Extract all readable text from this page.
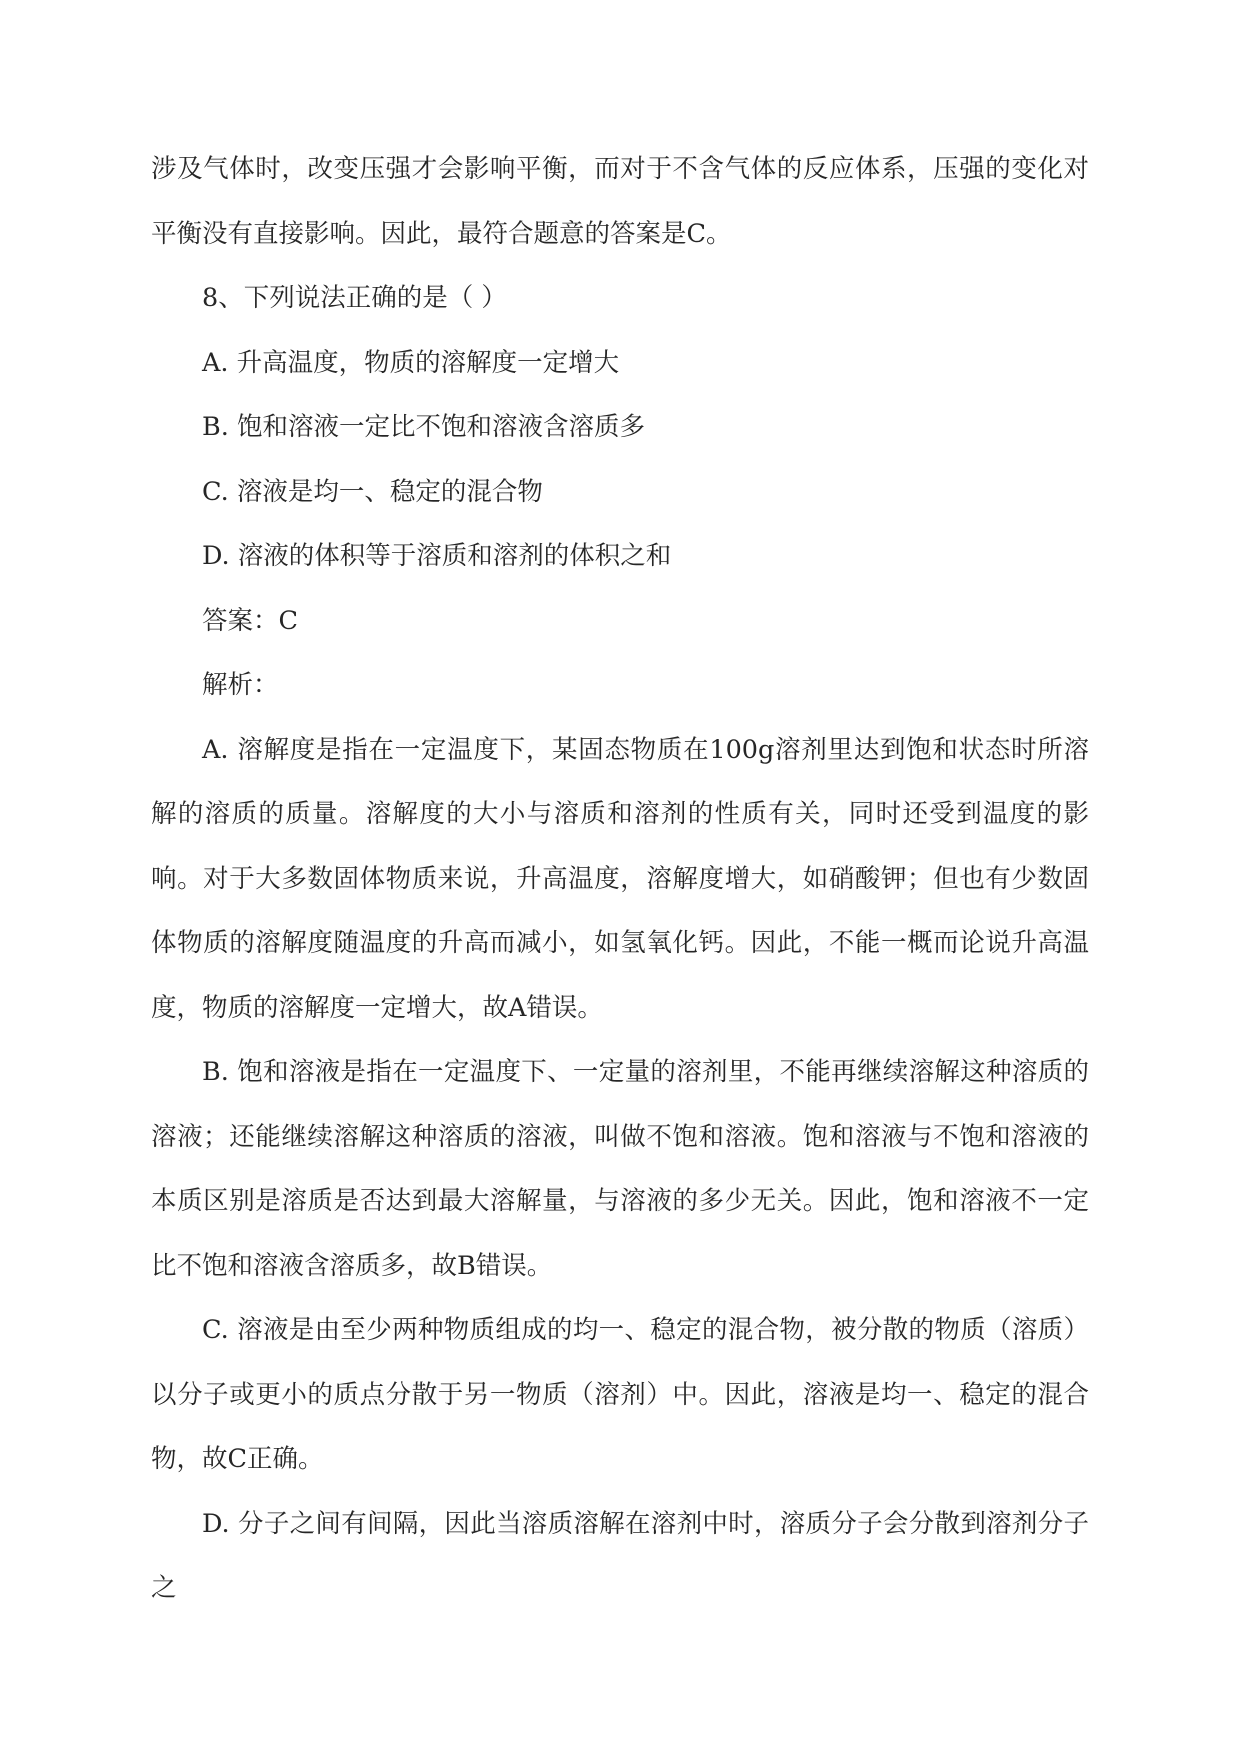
涉及气体时，改变压强才会影响平衡，而对于不含气体的反应体系，压强的变化对平衡没有直接影响。因此，最符合题意的答案是C。

8、下列说法正确的是（ ）

A. 升高温度，物质的溶解度一定增大

B. 饱和溶液一定比不饱和溶液含溶质多

C. 溶液是均一、稳定的混合物

D. 溶液的体积等于溶质和溶剂的体积之和

答案：C

解析：

A. 溶解度是指在一定温度下，某固态物质在100g溶剂里达到饱和状态时所溶解的溶质的质量。溶解度的大小与溶质和溶剂的性质有关，同时还受到温度的影响。对于大多数固体物质来说，升高温度，溶解度增大，如硝酸钾；但也有少数固体物质的溶解度随温度的升高而减小，如氢氧化钙。因此，不能一概而论说升高温度，物质的溶解度一定增大，故A错误。

B. 饱和溶液是指在一定温度下、一定量的溶剂里，不能再继续溶解这种溶质的溶液；还能继续溶解这种溶质的溶液，叫做不饱和溶液。饱和溶液与不饱和溶液的本质区别是溶质是否达到最大溶解量，与溶液的多少无关。因此，饱和溶液不一定比不饱和溶液含溶质多，故B错误。

C. 溶液是由至少两种物质组成的均一、稳定的混合物，被分散的物质（溶质）以分子或更小的质点分散于另一物质（溶剂）中。因此，溶液是均一、稳定的混合物，故C正确。

D. 分子之间有间隔，因此当溶质溶解在溶剂中时，溶质分子会分散到溶剂分子之
